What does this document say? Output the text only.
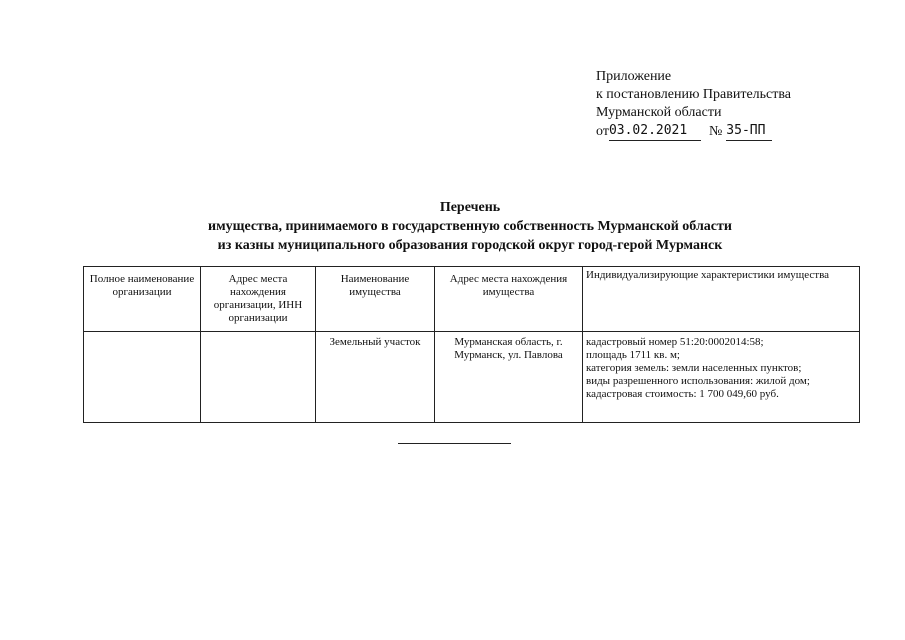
Приложение
к постановлению Правительства
Мурманской области
от 03.02.2021	№ 35-ПП
Перечень
имущества, принимаемого в государственную собственность Мурманской области
из казны муниципального образования городской округ город-герой Мурманск
Полное наименование организации	Адрес места нахождения организации, ИНН организации	Наименование имущества	Адрес места нахождения имущества	Индивидуализирующие характеристики имущества
		Земельный участок	Мурманская область, г. Мурманск, ул. Павлова	кадастровый номер 51:20:0002014:58;
площадь 1711 кв. м;
категория земель: земли населенных пунктов;
виды разрешенного использования: жилой дом;
кадастровая стоимость: 1 700 049,60 руб.
